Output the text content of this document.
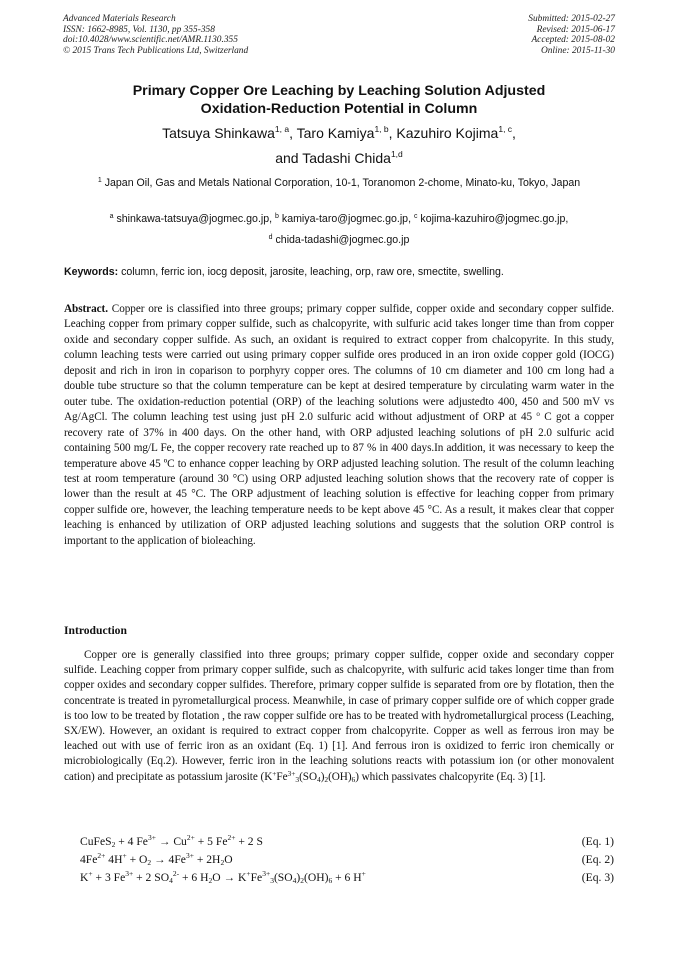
Advanced Materials Research
ISSN: 1662-8985, Vol. 1130, pp 355-358
doi:10.4028/www.scientific.net/AMR.1130.355
© 2015 Trans Tech Publications Ltd, Switzerland
Submitted: 2015-02-27
Revised: 2015-06-17
Accepted: 2015-08-02
Online: 2015-11-30
Primary Copper Ore Leaching by Leaching Solution Adjusted
Oxidation-Reduction Potential in Column
Tatsuya Shinkawa$^{1, a}$, Taro Kamiya$^{1, b}$, Kazuhiro Kojima$^{1, c}$,
and Tadashi Chida$^{1,d}$
$^1$ Japan Oil, Gas and Metals National Corporation, 10-1, Toranomon 2-chome, Minato-ku, Tokyo, Japan
$^a$ shinkawa-tatsuya@jogmec.go.jp, $^b$ kamiya-taro@jogmec.go.jp, $^c$ kojima-kazuhiro@jogmec.go.jp,
$^d$ chida-tadashi@jogmec.go.jp
Keywords: column, ferric ion, iocg deposit, jarosite, leaching, orp, raw ore, smectite, swelling.
Abstract. Copper ore is classified into three groups; primary copper sulfide, copper oxide and secondary copper sulfide. Leaching copper from primary copper sulfide, such as chalcopyrite, with sulfuric acid takes longer time than from copper oxide and secondary copper sulfide. As such, an oxidant is required to extract copper from chalcopyrite. In this study, column leaching tests were carried out using primary copper sulfide ores produced in an iron oxide copper gold (IOCG) deposit and rich in iron in coparison to porphyry copper ores. The columns of 10 cm diameter and 100 cm long had a double tube structure so that the column temperature can be kept at desired temperature by circulating warm water in the outer tube. The oxidation-reduction potential (ORP) of the leaching solutions were adjustedto 400, 450 and 500 mV vs Ag/AgCl. The column leaching test using just pH 2.0 sulfuric acid without adjustment of ORP at 45 $^o$ C got a copper recovery rate of 37% in 400 days. On the other hand, with ORP adjusted leaching solutions of pH 2.0 sulfuric acid containing 500 mg/L Fe, the copper recovery rate reached up to 87 % in 400 days.In addition, it was necessary to keep the temperature above 45 ºC to enhance copper leaching by ORP adjusted leaching solution. The result of the column leaching test at room temperature (around 30 °C) using ORP adjusted leaching solution shows that the recovery rate of copper is lower than the result at 45 °C. The ORP adjustment of leaching solution is effective for leaching copper from primary copper sulfide ore, however, the leaching temperature needs to be kept above 45 °C. As a result, it makes clear that copper leaching is enhanced by utilization of ORP adjusted leaching solutions and suggests that the solution ORP control is important to the application of bioleaching.
Introduction

Copper ore is generally classified into three groups; primary copper sulfide, copper oxide and secondary copper sulfide. Leaching copper from primary copper sulfide, such as chalcopyrite, with sulfuric acid takes longer time than from copper oxides and secondary copper sulfides. Therefore, primary copper sulfide is separated from ore by flotation, then the concentrate is treated in pyrometallurgical process. Meanwhile, in case of primary copper sulfide ore of which copper grade is too low to be treated by flotation , the raw copper sulfide ore has to be treated with hydrometallurgical process (Leaching, SX/EW). However, an oxidant is required to extract copper from chalcopyrite. Copper as well as ferrous iron may be leached out with use of ferric iron as an oxidant (Eq. 1) [1]. And ferrous iron is oxidized to ferric iron chemically or microbiologically (Eq.2). However, ferric iron in the leaching solutions reacts with potassium ion (or other monovalent cation) and precipitate as potassium jarosite $(K^+Fe^{3+}_3(SO_4)_2(OH)_6)$ which passivates chalcopyrite (Eq. 3) [1].

CuFeS$_2$ + 4 $Fe^{3+} \to Cu^{2+} + 5$ $Fe^{2+} + 2$ S	(Eq. 1)
$4Fe^{2+}$ $4H^+ + O_2 \to 4Fe^{3+} + 2H_2O$	(Eq. 2)
K+ + 3 $Fe^{3+} + 2$ $SO_4^{2-} + 6$ $H_2O \to K^+Fe^{3+}_3(SO_4)_2(OH)_6 + 6$ H+	(Eq. 3)
